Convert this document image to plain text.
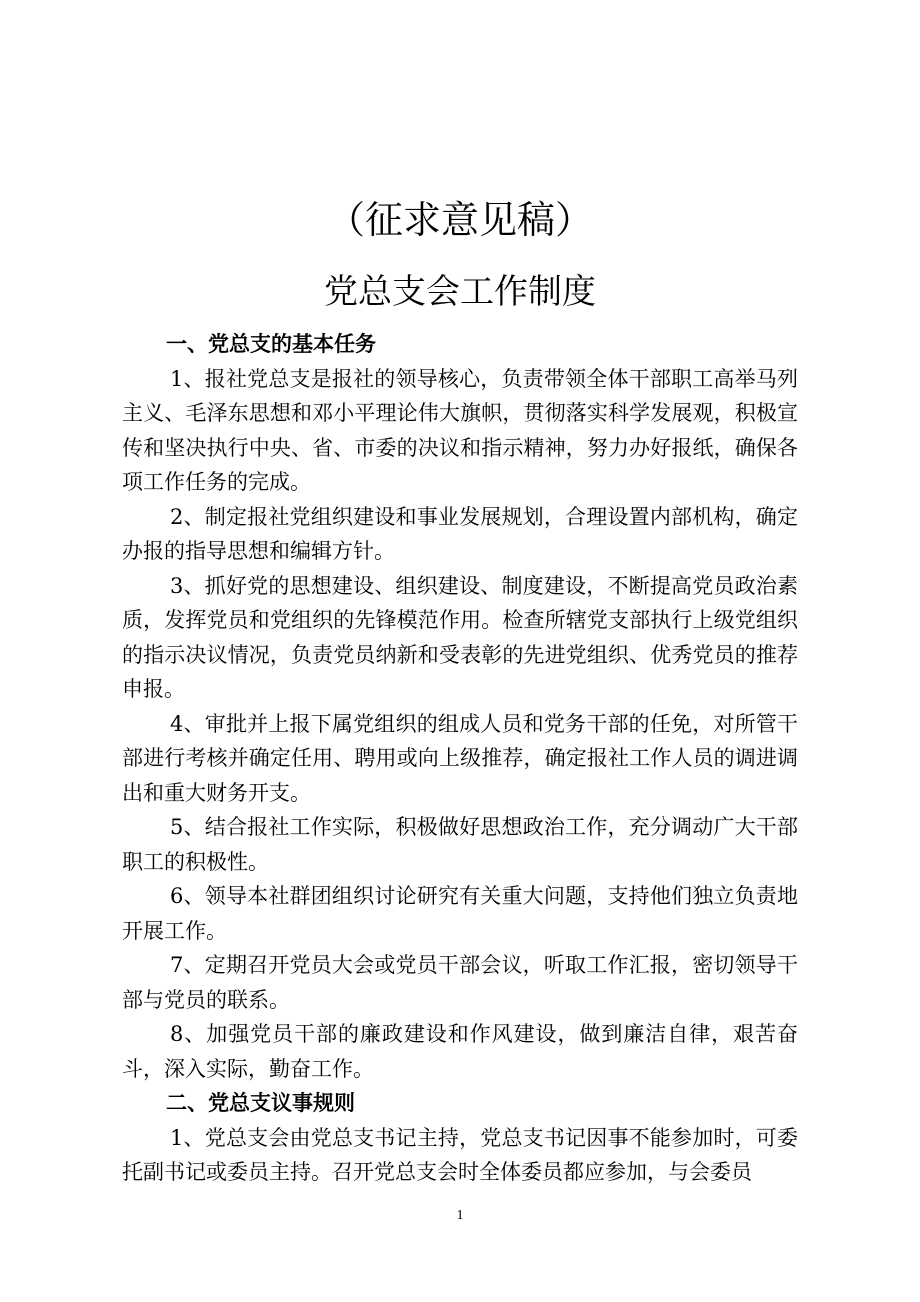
（征求意见稿）
党总支会工作制度

一、党总支的基本任务

1、报社党总支是报社的领导核心，负责带领全体干部职工高举马列主义、毛泽东思想和邓小平理论伟大旗帜，贯彻落实科学发展观，积极宣传和坚决执行中央、省、市委的决议和指示精神，努力办好报纸，确保各项工作任务的完成。

2、制定报社党组织建设和事业发展规划，合理设置内部机构，确定办报的指导思想和编辑方针。

3、抓好党的思想建设、组织建设、制度建设，不断提高党员政治素质，发挥党员和党组织的先锋模范作用。检查所辖党支部执行上级党组织的指示决议情况，负责党员纳新和受表彰的先进党组织、优秀党员的推荐申报。

4、审批并上报下属党组织的组成人员和党务干部的任免，对所管干部进行考核并确定任用、聘用或向上级推荐，确定报社工作人员的调进调出和重大财务开支。

5、结合报社工作实际，积极做好思想政治工作，充分调动广大干部职工的积极性。

6、领导本社群团组织讨论研究有关重大问题，支持他们独立负责地开展工作。

7、定期召开党员大会或党员干部会议，听取工作汇报，密切领导干部与党员的联系。

8、加强党员干部的廉政建设和作风建设，做到廉洁自律，艰苦奋斗，深入实际，勤奋工作。

二、党总支议事规则

1、党总支会由党总支书记主持，党总支书记因事不能参加时，可委托副书记或委员主持。召开党总支会时全体委员都应参加，与会委员

1
